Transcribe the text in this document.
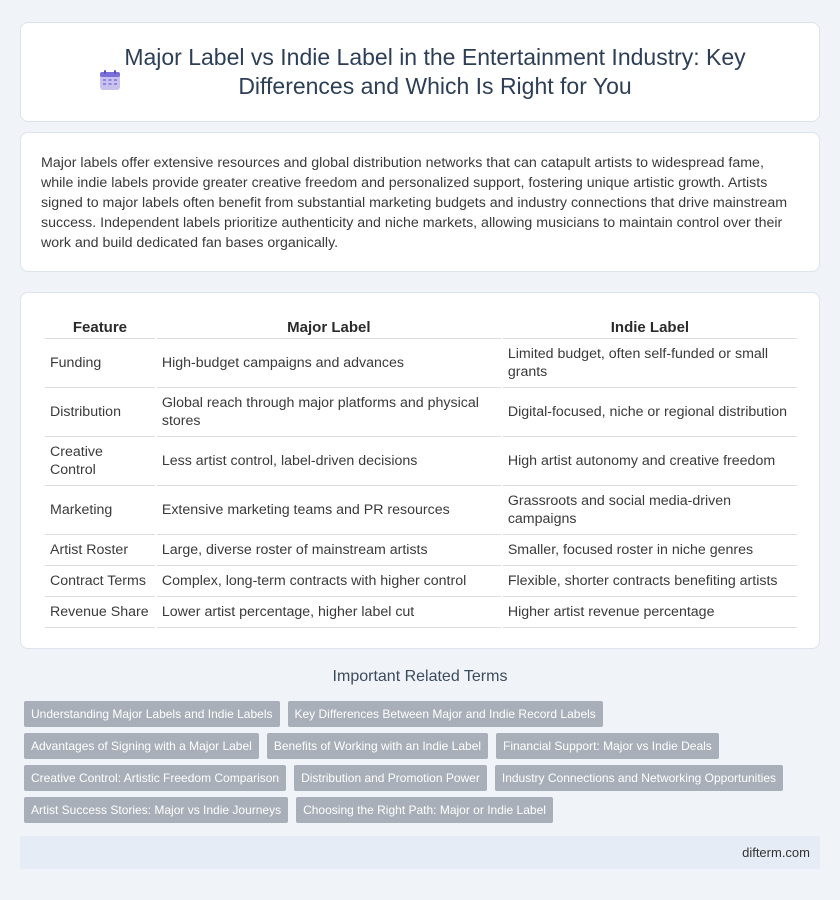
Major Label vs Indie Label in the Entertainment Industry: Key Differences and Which Is Right for You

Major labels offer extensive resources and global distribution networks that can catapult artists to widespread fame, while indie labels provide greater creative freedom and personalized support, fostering unique artistic growth. Artists signed to major labels often benefit from substantial marketing budgets and industry connections that drive mainstream success. Independent labels prioritize authenticity and niche markets, allowing musicians to maintain control over their work and build dedicated fan bases organically.

Feature	Major Label	Indie Label
Funding	High-budget campaigns and advances	Limited budget, often self-funded or small grants
Distribution	Global reach through major platforms and physical stores	Digital-focused, niche or regional distribution
Creative Control	Less artist control, label-driven decisions	High artist autonomy and creative freedom
Marketing	Extensive marketing teams and PR resources	Grassroots and social media-driven campaigns
Artist Roster	Large, diverse roster of mainstream artists	Smaller, focused roster in niche genres
Contract Terms	Complex, long-term contracts with higher control	Flexible, shorter contracts benefiting artists
Revenue Share	Lower artist percentage, higher label cut	Higher artist revenue percentage
Important Related Terms
Understanding Major Labels and Indie Labels	Key Differences Between Major and Indie Record Labels
Advantages of Signing with a Major Label	Benefits of Working with an Indie Label	Financial Support: Major vs Indie Deals
Creative Control: Artistic Freedom Comparison	Distribution and Promotion Power	Industry Connections and Networking Opportunities
Artist Success Stories: Major vs Indie Journeys	Choosing the Right Path: Major or Indie Label
difterm.com
